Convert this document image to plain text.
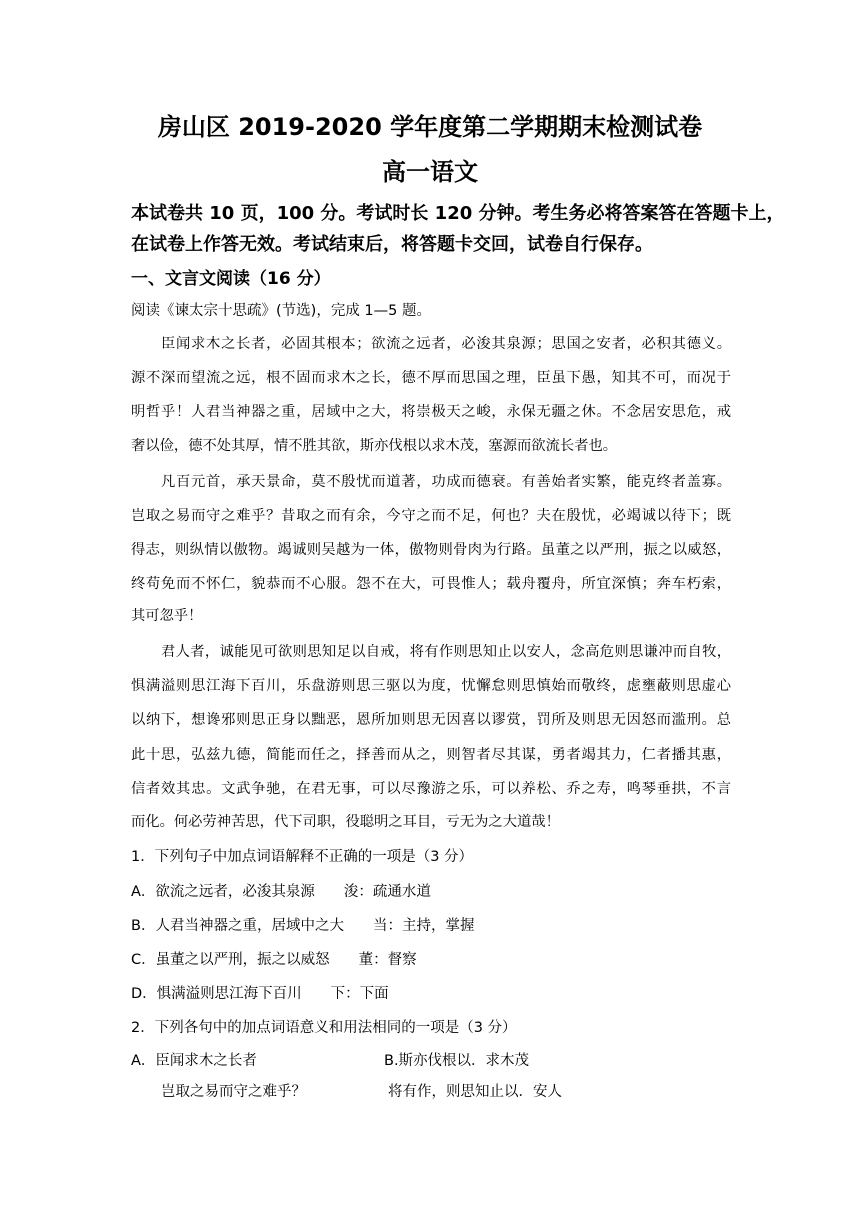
房山区 2019-2020 学年度第二学期期末检测试卷
高一语文
本试卷共 10 页，100 分。考试时长 120 分钟。考生务必将答案答在答题卡上，
在试卷上作答无效。考试结束后，将答题卡交回，试卷自行保存。
一、文言文阅读（16 分）
阅读《谏太宗十思疏》(节选)，完成 1—5 题。
臣闻求木之长者，必固其根本；欲流之远者，必浚其泉源；思国之安者，必积其德义。
源不深而望流之远，根不固而求木之长，德不厚而思国之理，臣虽下愚，知其不可，而况于
明哲乎！人君当神器之重，居域中之大，将崇极天之峻，永保无疆之休。不念居安思危，戒
奢以俭，德不处其厚，情不胜其欲，斯亦伐根以求木茂，塞源而欲流长者也。
凡百元首，承天景命，莫不殷忧而道著，功成而德衰。有善始者实繁，能克终者盖寡。
岂取之易而守之难乎？昔取之而有余，今守之而不足，何也？夫在殷忧，必竭诚以待下；既
得志，则纵情以傲物。竭诚则吴越为一体，傲物则骨肉为行路。虽董之以严刑，振之以威怒，
终苟免而不怀仁，貌恭而不心服。怨不在大，可畏惟人；载舟覆舟，所宜深慎；奔车朽索，
其可忽乎！
君人者，诚能见可欲则思知足以自戒，将有作则思知止以安人，念高危则思谦冲而自牧，
惧满溢则思江海下百川，乐盘游则思三驱以为度，忧懈怠则思慎始而敬终，虑壅蔽则思虚心
以纳下，想谗邪则思正身以黜恶，恩所加则思无因喜以谬赏，罚所及则思无因怒而滥刑。总
此十思，弘兹九德，简能而任之，择善而从之，则智者尽其谋，勇者竭其力，仁者播其惠，
信者效其忠。文武争驰，在君无事，可以尽豫游之乐，可以养松、乔之寿，鸣琴垂拱，不言
而化。何必劳神苦思，代下司职，役聪明之耳目，亏无为之大道哉！
1．下列句子中加点词语解释不正确的一项是（3 分）
A．欲流之远者，必浚其泉源　　浚：疏通水道
B．人君当神器之重，居域中之大　　当：主持，掌握
C．虽董之以严刑，振之以威怒　　董：督察
D．惧满溢则思江海下百川　　下：下面
2．下列各句中的加点词语意义和用法相同的一项是（3 分）
A．臣闻求木之长者	B.斯亦伐根以．求木茂
岂取之易而守之难乎？	将有作，则思知止以．安人
